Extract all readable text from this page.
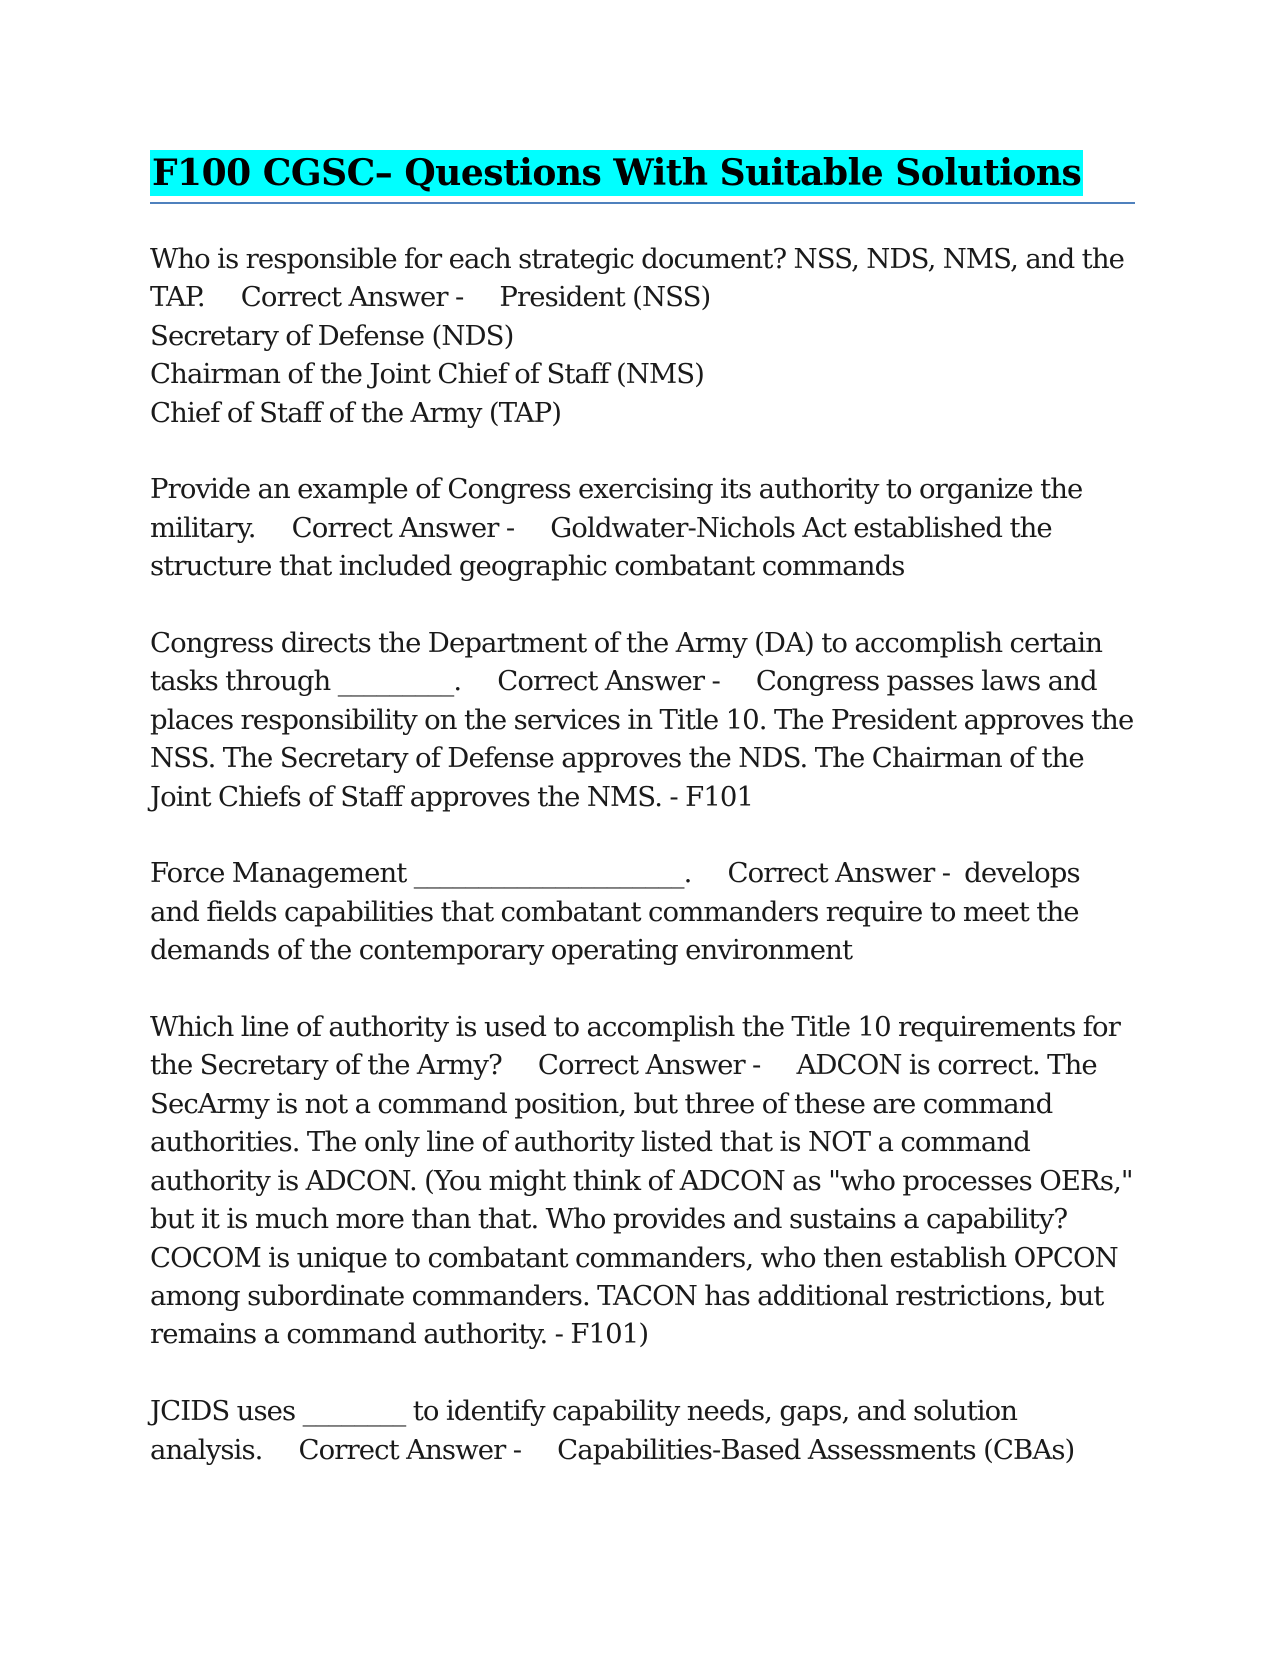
F100 CGSC– Questions With Suitable Solutions
Who is responsible for each strategic document? NSS, NDS, NMS, and the TAP. Correct Answer - President (NSS)
Secretary of Defense (NDS)
Chairman of the Joint Chief of Staff (NMS)
Chief of Staff of the Army (TAP)
Provide an example of Congress exercising its authority to organize the military. Correct Answer - Goldwater-Nichols Act established the structure that included geographic combatant commands
Congress directs the Department of the Army (DA) to accomplish certain tasks through _________. Correct Answer - Congress passes laws and places responsibility on the services in Title 10. The President approves the NSS. The Secretary of Defense approves the NDS. The Chairman of the Joint Chiefs of Staff approves the NMS. - F101
Force Management _____________________. Correct Answer - develops and fields capabilities that combatant commanders require to meet the demands of the contemporary operating environment
Which line of authority is used to accomplish the Title 10 requirements for the Secretary of the Army? Correct Answer - ADCON is correct. The SecArmy is not a command position, but three of these are command authorities. The only line of authority listed that is NOT a command authority is ADCON. (You might think of ADCON as "who processes OERs," but it is much more than that. Who provides and sustains a capability? COCOM is unique to combatant commanders, who then establish OPCON among subordinate commanders. TACON has additional restrictions, but remains a command authority. - F101)
JCIDS uses ________ to identify capability needs, gaps, and solution analysis. Correct Answer - Capabilities-Based Assessments (CBAs)
